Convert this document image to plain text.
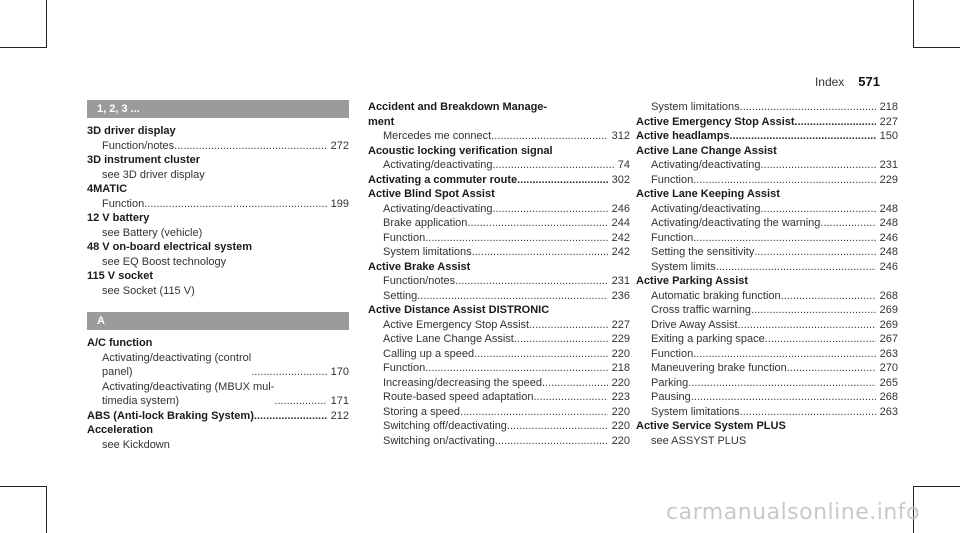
Index 571
1, 2, 3 ...
3D driver display
Function/notes .....	272
3D instrument cluster
see 3D driver display
4MATIC
Function .....	199
12 V battery
see Battery (vehicle)
48 V on-board electrical system
see EQ Boost technology
115 V socket
see Socket (115 V)
A
A/C function
Activating/deactivating (control
panel) .....	170
Activating/deactivating (MBUX mul-
timedia system) .....	171
ABS (Anti-lock Braking System) .....	212
Acceleration
see Kickdown
Accident and Breakdown Manage-
ment
Mercedes me connect .....	312
Acoustic locking verification signal
Activating/deactivating .....	74
Activating a commuter route .....	302
Active Blind Spot Assist
Activating/deactivating .....	246
Brake application .....	244
Function .....	242
System limitations .....	242
Active Brake Assist
Function/notes .....	231
Setting .....	236
Active Distance Assist DISTRONIC
Active Emergency Stop Assist .....	227
Active Lane Change Assist .....	229
Calling up a speed .....	220
Function .....	218
Increasing/decreasing the speed .....	220
Route-based speed adaptation .....	223
Storing a speed .....	220
Switching off/deactivating .....	220
Switching on/activating .....	220
System limitations .....	218
Active Emergency Stop Assist .....	227
Active headlamps .....	150
Active Lane Change Assist
Activating/deactivating .....	231
Function .....	229
Active Lane Keeping Assist
Activating/deactivating .....	248
Activating/deactivating the warning .....	248
Function .....	246
Setting the sensitivity .....	248
System limits .....	246
Active Parking Assist
Automatic braking function .....	268
Cross traffic warning .....	269
Drive Away Assist .....	269
Exiting a parking space .....	267
Function .....	263
Maneuvering brake function .....	270
Parking .....	265
Pausing .....	268
System limitations .....	263
Active Service System PLUS
see ASSYST PLUS
carmanualsonline.info
